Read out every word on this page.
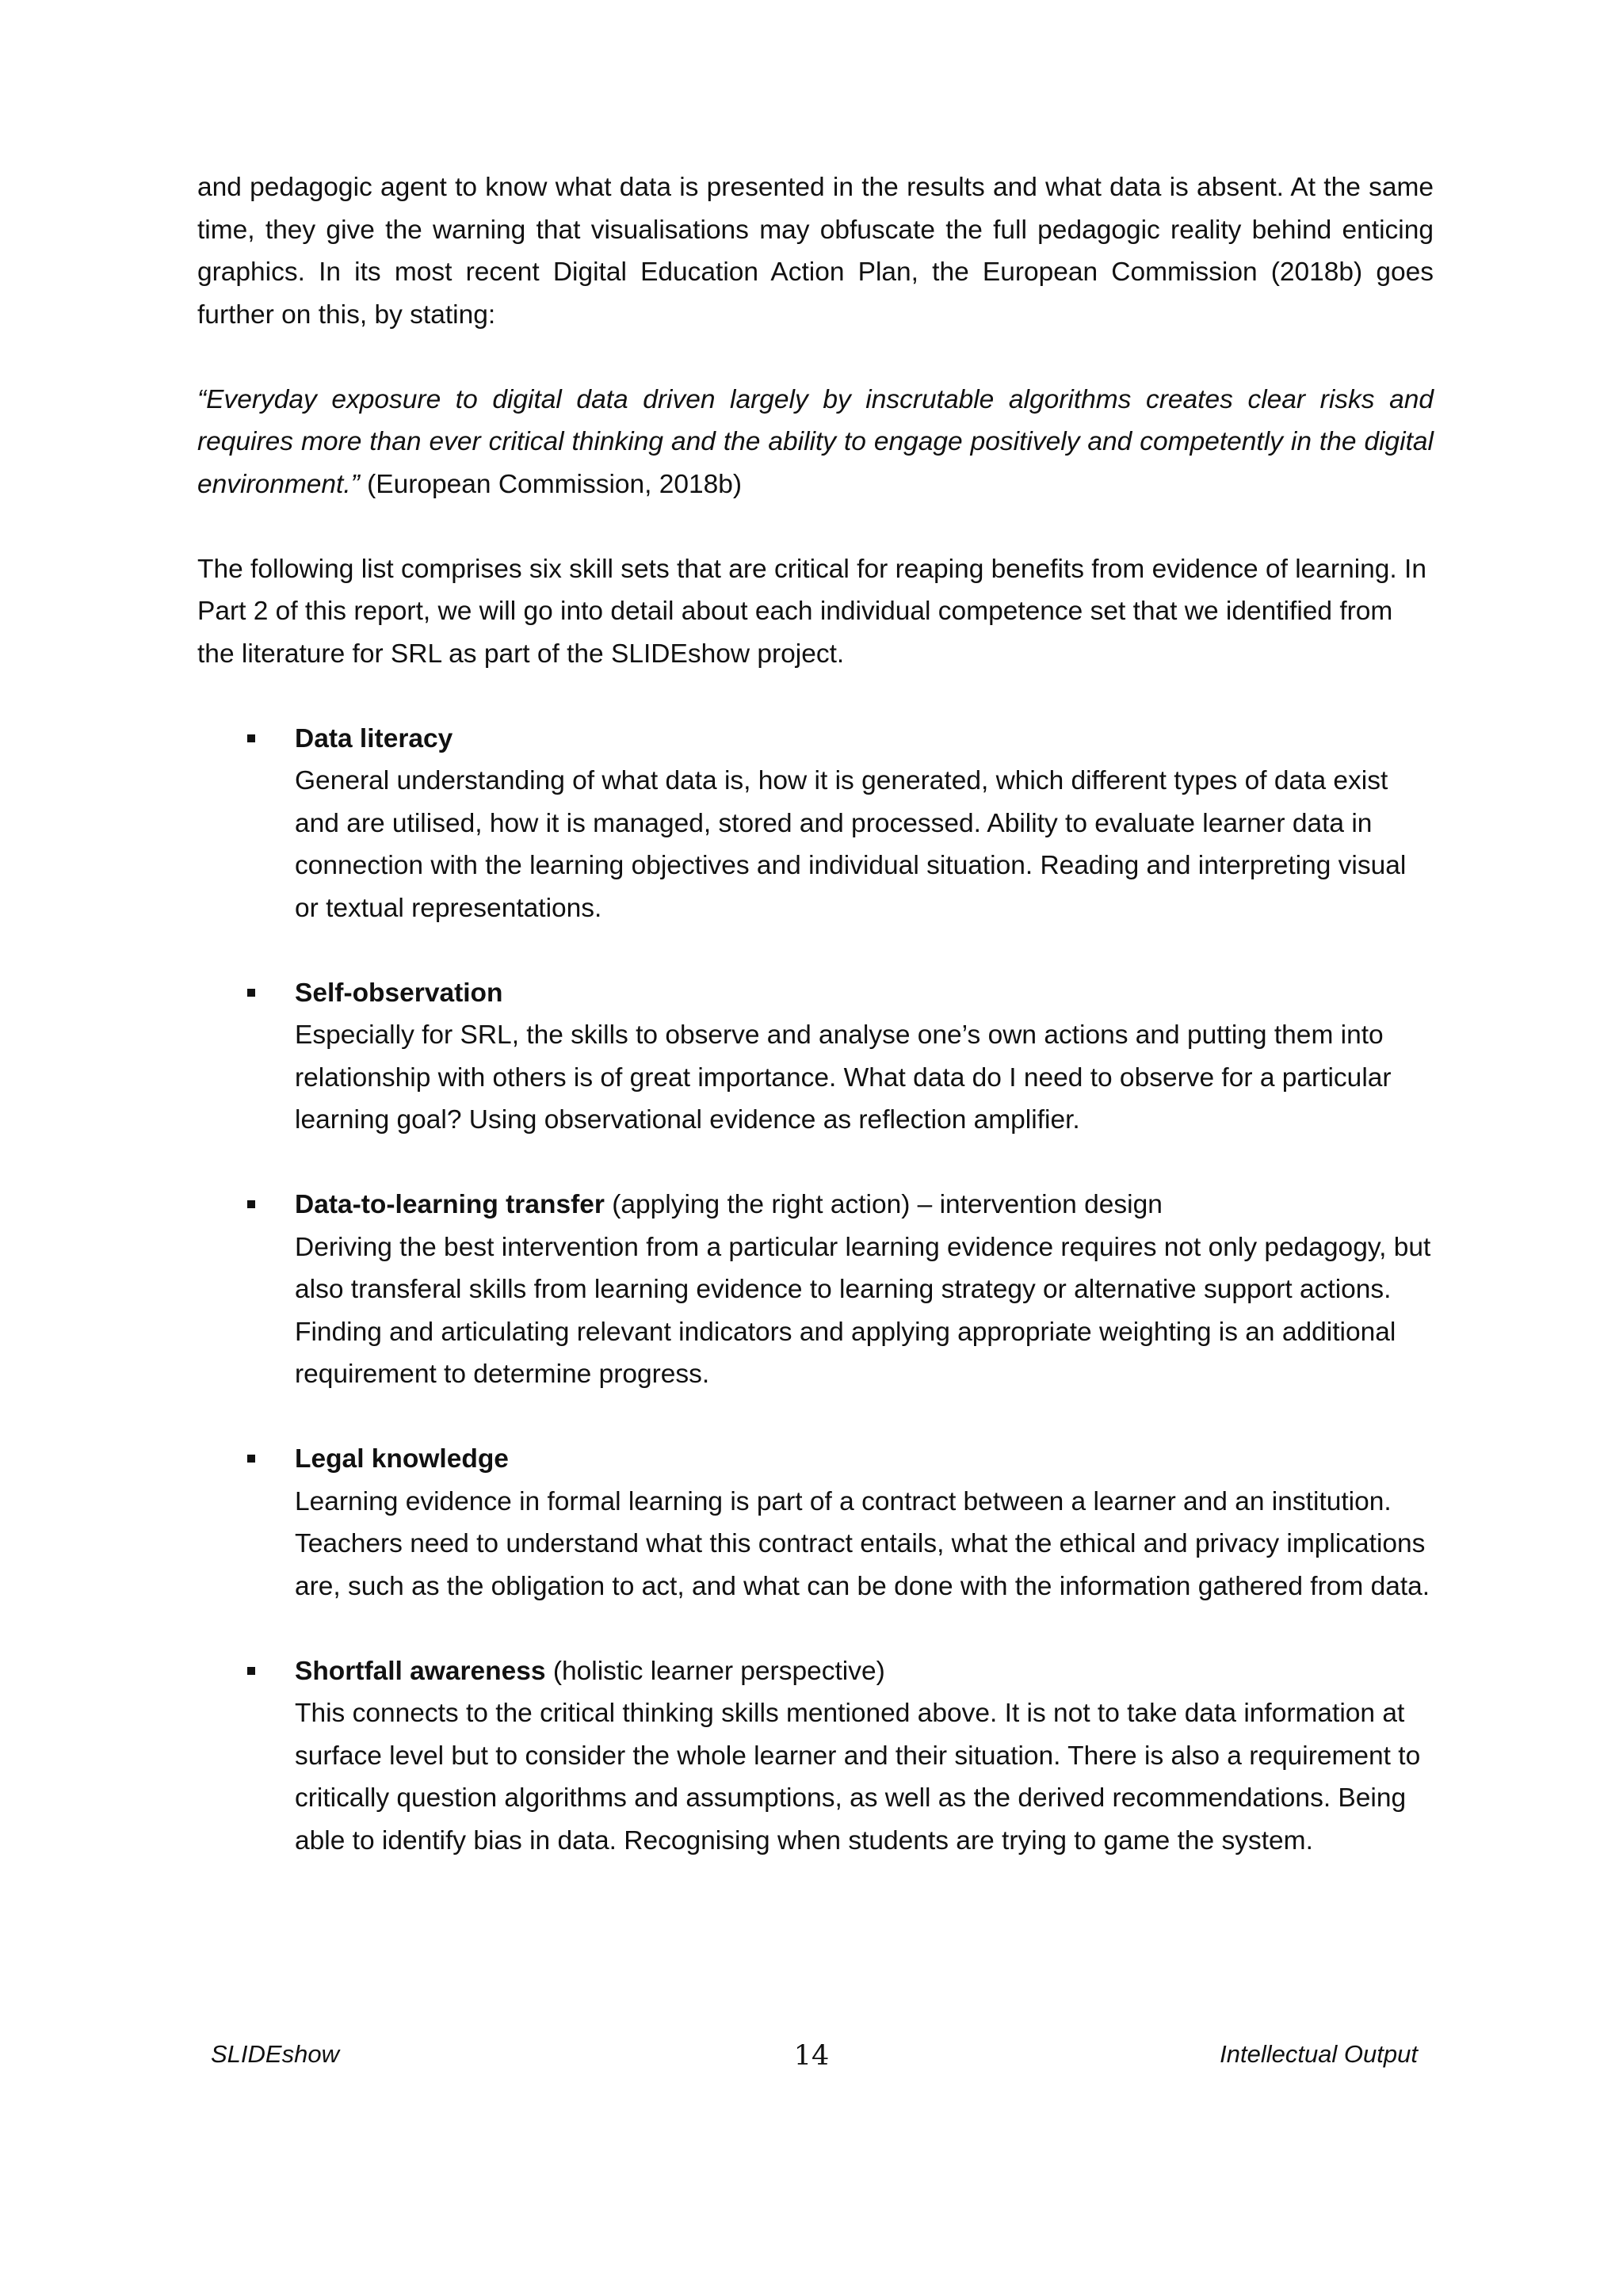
and pedagogic agent to know what data is presented in the results and what data is absent. At the same time, they give the warning that visualisations may obfuscate the full pedagogic reality behind enticing graphics. In its most recent Digital Education Action Plan, the European Commission (2018b) goes further on this, by stating:

“Everyday exposure to digital data driven largely by inscrutable algorithms creates clear risks and requires more than ever critical thinking and the ability to engage positively and competently in the digital environment.” (European Commission, 2018b)

The following list comprises six skill sets that are critical for reaping benefits from evidence of learning. In Part 2 of this report, we will go into detail about each individual competence set that we identified from the literature for SRL as part of the SLIDEshow project.

Data literacy
General understanding of what data is, how it is generated, which different types of data exist and are utilised, how it is managed, stored and processed. Ability to evaluate learner data in connection with the learning objectives and individual situation. Reading and interpreting visual or textual representations.
Self-observation
Especially for SRL, the skills to observe and analyse one’s own actions and putting them into relationship with others is of great importance. What data do I need to observe for a particular learning goal? Using observational evidence as reflection amplifier.
Data-to-learning transfer (applying the right action) – intervention design
Deriving the best intervention from a particular learning evidence requires not only pedagogy, but also transferal skills from learning evidence to learning strategy or alternative support actions. Finding and articulating relevant indicators and applying appropriate weighting is an additional requirement to determine progress.
Legal knowledge
Learning evidence in formal learning is part of a contract between a learner and an institution. Teachers need to understand what this contract entails, what the ethical and privacy implications are, such as the obligation to act, and what can be done with the information gathered from data.
Shortfall awareness (holistic learner perspective)
This connects to the critical thinking skills mentioned above. It is not to take data information at surface level but to consider the whole learner and their situation. There is also a requirement to critically question algorithms and assumptions, as well as the derived recommendations. Being able to identify bias in data. Recognising when students are trying to game the system.
SLIDEshow	14	Intellectual Output
